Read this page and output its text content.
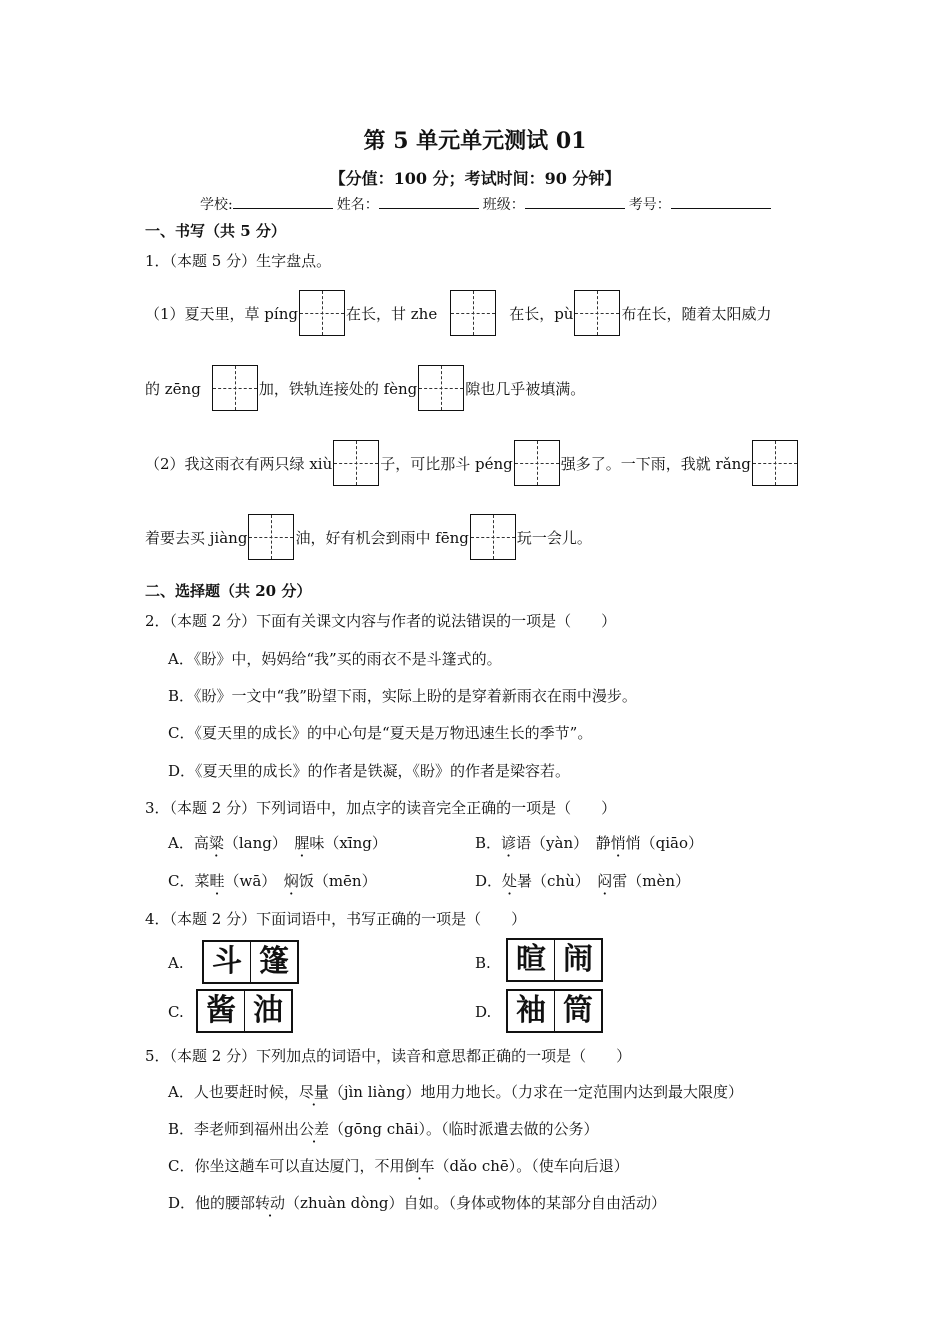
第 5 单元单元测试 01
【分值：100 分；考试时间：90 分钟】
学校:	姓名：	班级：	考号：
一、书写（共 5 分）
1．（本题 5 分）生字盘点。
（1）夏天里，草 píng	在长，甘 zhe	在长，pù	布在长，随着太阳威力
的 zēng	加，铁轨连接处的 fèng	隙也几乎被填满。
（2）我这雨衣有两只绿 xiù	子，可比那斗 péng	强多了。一下雨，我就 rǎng
着要去买 jiàng	油，好有机会到雨中 fēng	玩一会儿。
二、选择题（共 20 分）
2．（本题 2 分）下面有关课文内容与作者的说法错误的一项是（　　）
A．《盼》中，妈妈给“我”买的雨衣不是斗篷式的。
B．《盼》一文中“我”盼望下雨，实际上盼的是穿着新雨衣在雨中漫步。
C．《夏天里的成长》的中心句是“夏天是万物迅速生长的季节”。
D．《夏天里的成长》的作者是铁凝，《盼》的作者是梁容若。
3．（本题 2 分）下列词语中，加点字的读音完全正确的一项是（　　）
A．高粱（lang）　腥味（xīng）	B．谚语（yàn）　静悄悄（qiāo）
C．菜畦（wā）　焖饭（mēn）	D．处暑（chù）　闷雷（mèn）
4．（本题 2 分）下面词语中，书写正确的一项是（　　）
A. 斗 篷	B. 暄 闹
C. 酱 油	D. 袖 筒
5．（本题 2 分）下列加点的词语中，读音和意思都正确的一项是（　　）
A．人也要赶时候，尽量（jìn liàng）地用力地长。（力求在一定范围内达到最大限度）
B．李老师到福州出公差（gōng chāi）。（临时派遣去做的公务）
C．你坐这趟车可以直达厦门，不用倒车（dǎo chē）。（使车向后退）
D．他的腰部转动（zhuàn dòng）自如。（身体或物体的某部分自由活动）
